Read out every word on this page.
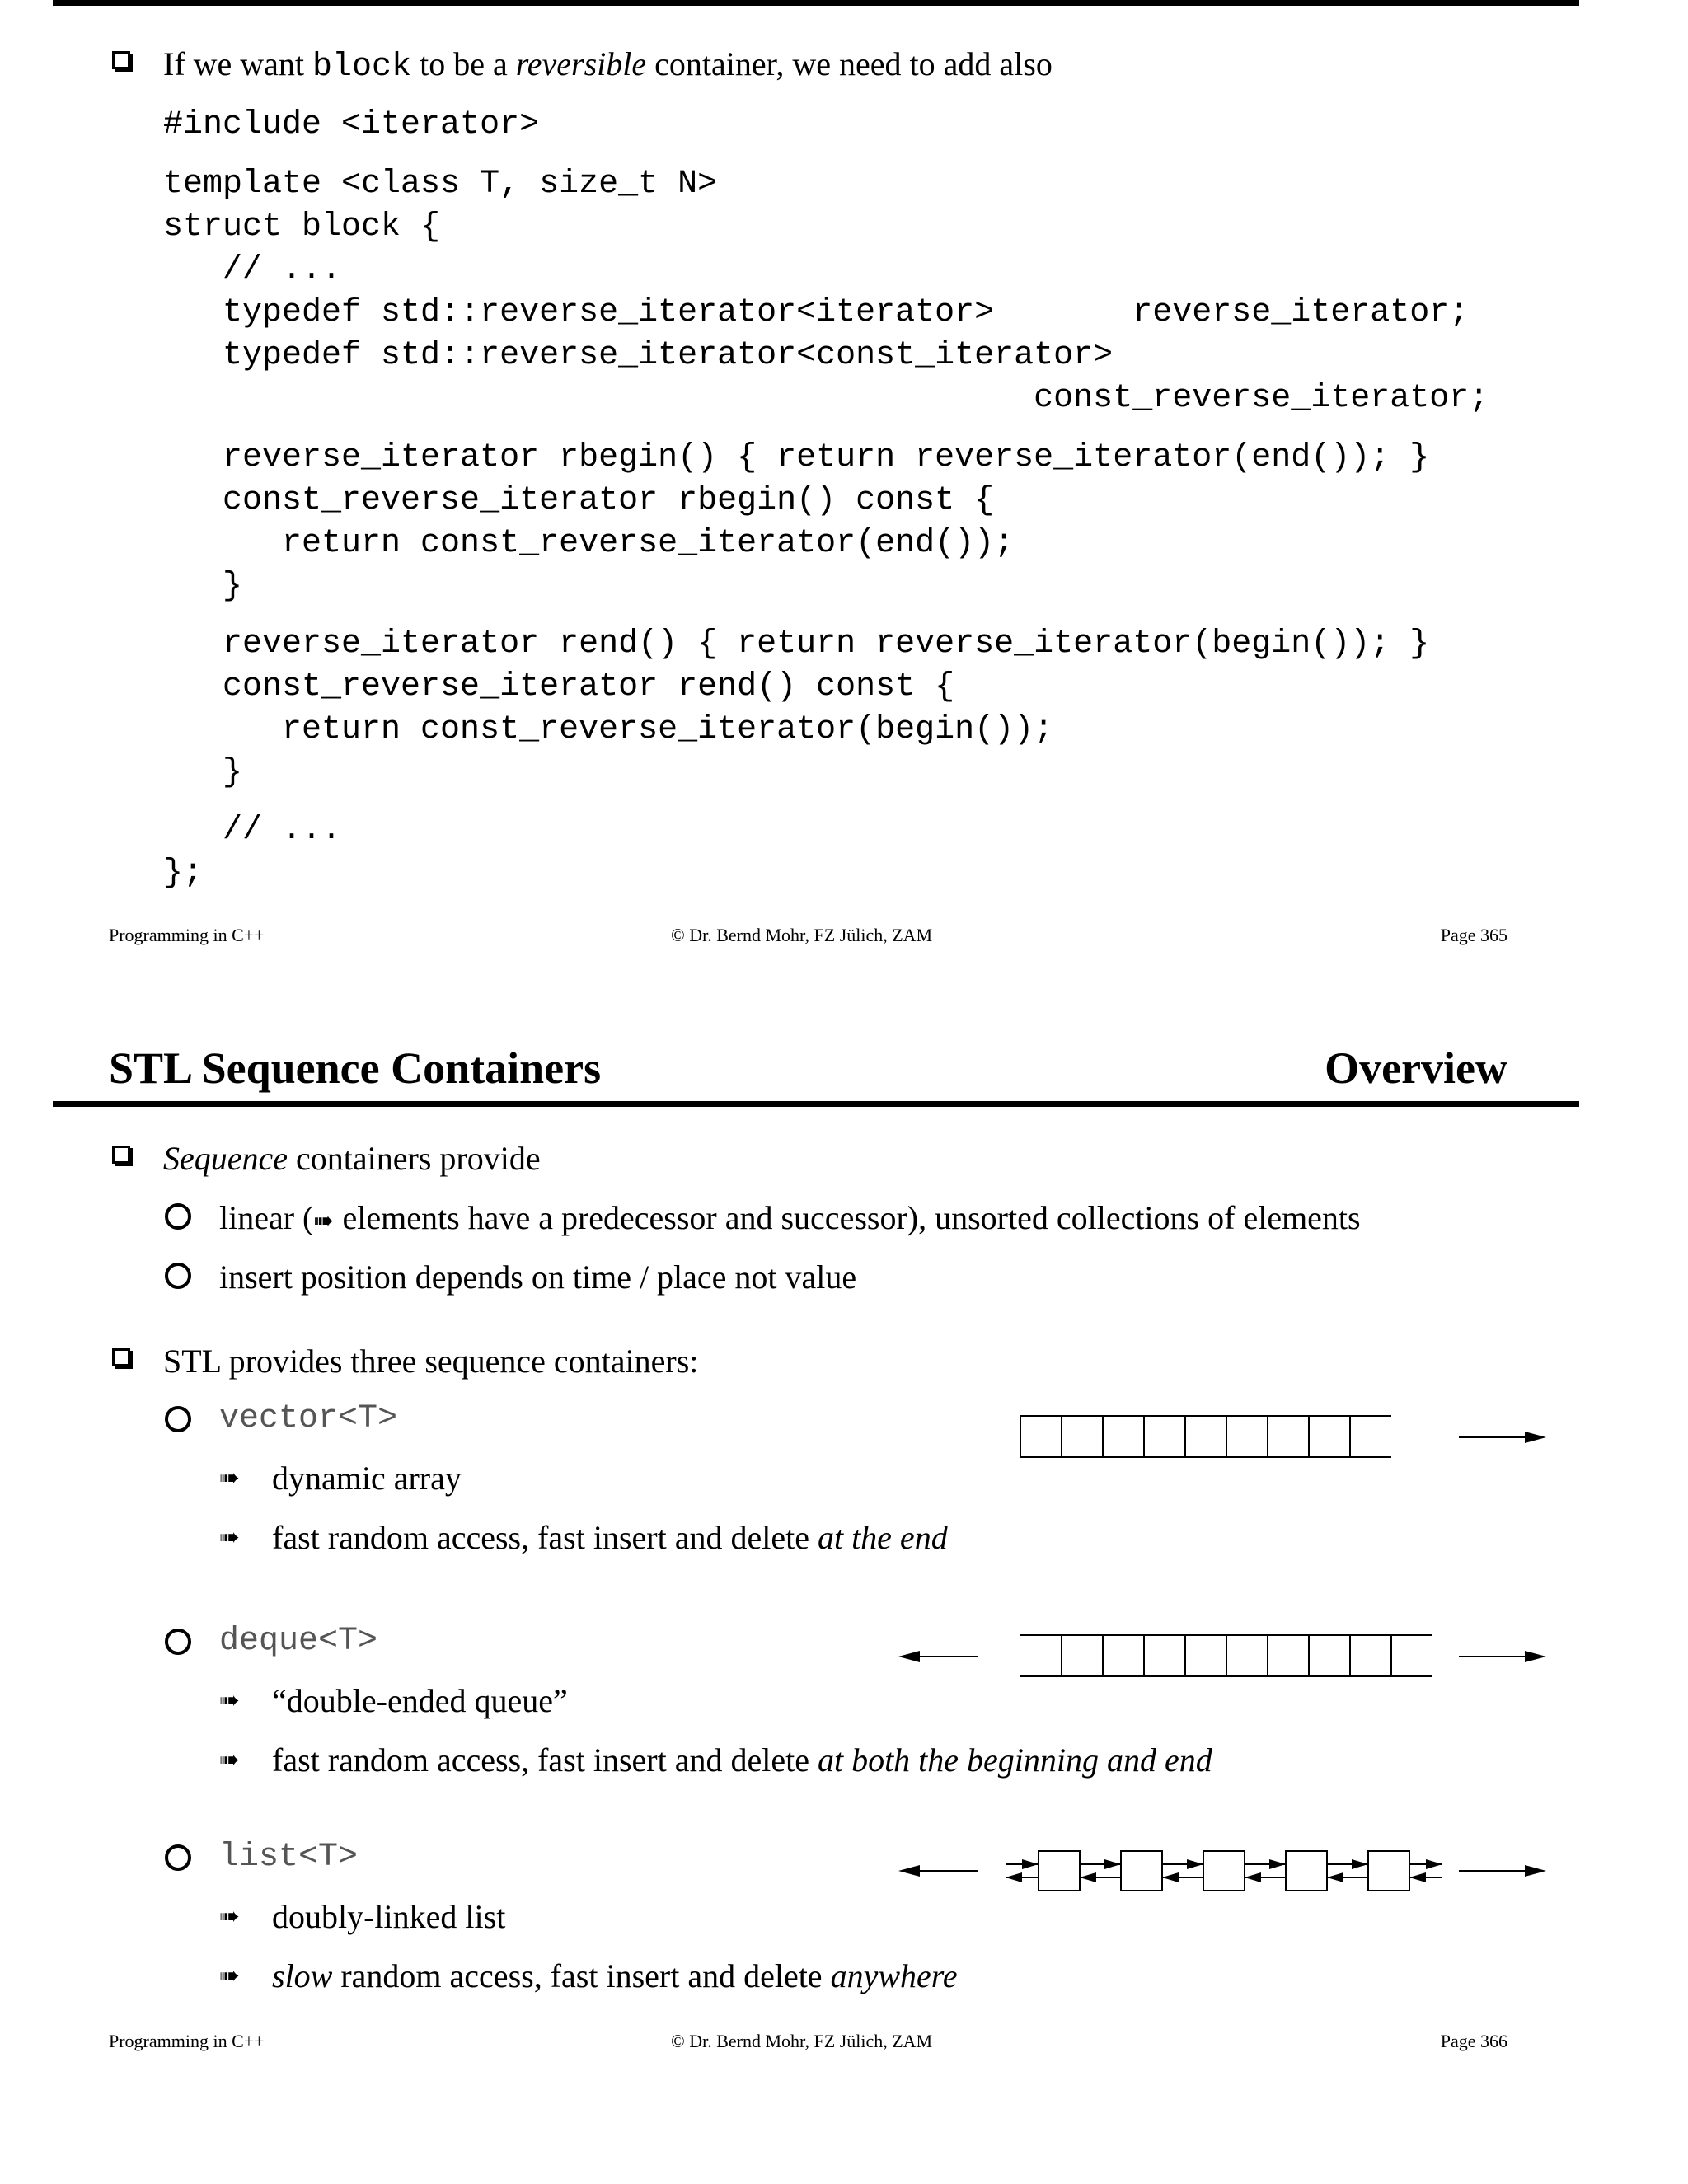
If we want block to be a reversible container, we need to add also
#include <iterator>
template <class T, size_t N>
struct block {
// ...
typedef std::reverse_iterator<iterator>       reverse_iterator;
typedef std::reverse_iterator<const_iterator>
const_reverse_iterator;
reverse_iterator rbegin() { return reverse_iterator(end()); }
const_reverse_iterator rbegin() const {
return const_reverse_iterator(end());
}
reverse_iterator rend() { return reverse_iterator(begin()); }
const_reverse_iterator rend() const {
return const_reverse_iterator(begin());
}
// ...
};
Programming in C++	© Dr. Bernd Mohr, FZ Jülich, ZAM	Page 365
STL Sequence Containers	Overview
Sequence containers provide
linear (➠ elements have a predecessor and successor), unsorted collections of elements
insert position depends on time / place not value
STL provides three sequence containers:
vector<T>
➠ dynamic array
➠ fast random access, fast insert and delete at the end
deque<T>
➠ “double-ended queue”
➠ fast random access, fast insert and delete at both the beginning and end
list<T>
➠ doubly-linked list
➠ slow random access, fast insert and delete anywhere
Programming in C++	© Dr. Bernd Mohr, FZ Jülich, ZAM	Page 366
